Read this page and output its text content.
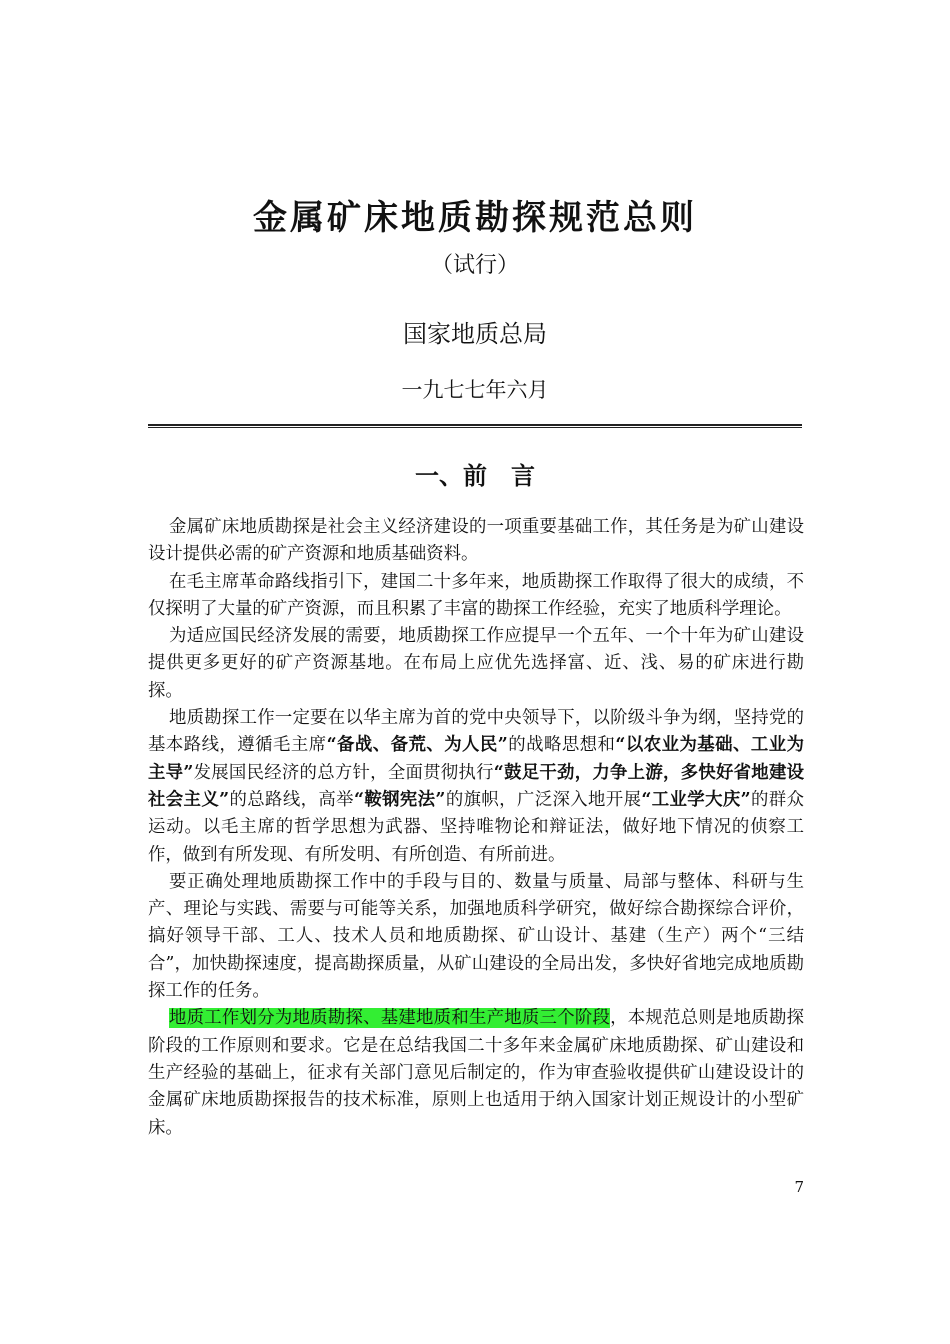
金属矿床地质勘探规范总则
（试行）
国家地质总局
一九七七年六月
一、前　言

金属矿床地质勘探是社会主义经济建设的一项重要基础工作，其任务是为矿山建设设计提供必需的矿产资源和地质基础资料。

在毛主席革命路线指引下，建国二十多年来，地质勘探工作取得了很大的成绩，不仅探明了大量的矿产资源，而且积累了丰富的勘探工作经验，充实了地质科学理论。

为适应国民经济发展的需要，地质勘探工作应提早一个五年、一个十年为矿山建设提供更多更好的矿产资源基地。在布局上应优先选择富、近、浅、易的矿床进行勘探。

地质勘探工作一定要在以华主席为首的党中央领导下，以阶级斗争为纲，坚持党的基本路线，遵循毛主席“备战、备荒、为人民”的战略思想和“以农业为基础、工业为主导”发展国民经济的总方针，全面贯彻执行“鼓足干劲，力争上游，多快好省地建设社会主义”的总路线，高举“鞍钢宪法”的旗帜，广泛深入地开展“工业学大庆”的群众运动。以毛主席的哲学思想为武器、坚持唯物论和辩证法，做好地下情况的侦察工作，做到有所发现、有所发明、有所创造、有所前进。

要正确处理地质勘探工作中的手段与目的、数量与质量、局部与整体、科研与生产、理论与实践、需要与可能等关系，加强地质科学研究，做好综合勘探综合评价，搞好领导干部、工人、技术人员和地质勘探、矿山设计、基建（生产）两个“三结合”，加快勘探速度，提高勘探质量，从矿山建设的全局出发，多快好省地完成地质勘探工作的任务。

地质工作划分为地质勘探、基建地质和生产地质三个阶段，本规范总则是地质勘探阶段的工作原则和要求。它是在总结我国二十多年来金属矿床地质勘探、矿山建设和生产经验的基础上，征求有关部门意见后制定的，作为审查验收提供矿山建设设计的金属矿床地质勘探报告的技术标准，原则上也适用于纳入国家计划正规设计的小型矿床。

7
